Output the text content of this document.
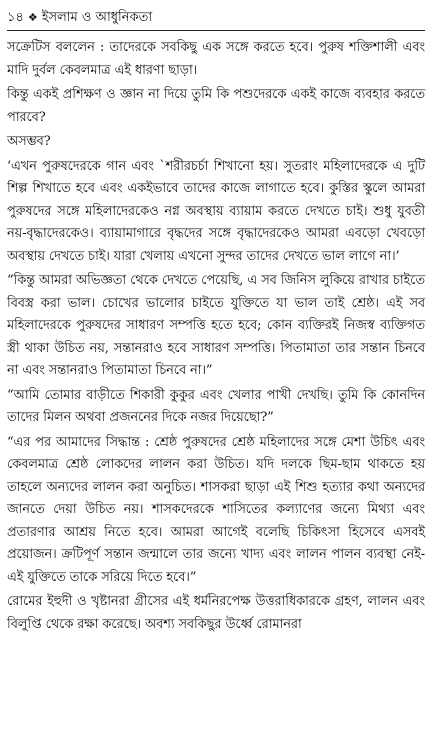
১৪ ❖ ইসলাম ও আধুনিকতা

সক্রেটিস বললেন : তাদেরকে সবকিছু এক সঙ্গে করতে হবে। পুরুষ শক্তিশালী এবং মাদি দুর্বল কেবলমাত্র এই ধারণা ছাড়া।

কিন্তু একই প্রশিক্ষণ ও জ্ঞান না দিয়ে তুমি কি পশুদেরকে একই কাজে ব্যবহার করতে পারবে?

অসম্ভব?

‘এখন পুরুষদেরকে গান এবং `শরীরচর্চা শিখানো হয়। সুতরাং মহিলাদেরকে এ দুটি শিল্প শিখাতে হবে এবং একইভাবে তাদের কাজে লাগাতে হবে। কুস্তির স্কুলে আমরা পুরুষদের সঙ্গে মহিলাদেরকেও নগ্ন অবস্থায় ব্যায়াম করতে দেখতে চাই। শুধু যুবতী নয়-বৃদ্ধাদেরকেও। ব্যায়ামাগারে বৃদ্ধদের সঙ্গে বৃদ্ধাদেরকেও আমরা এবড়ো খেবড়ো অবস্থায় দেখতে চাই। যারা খেলায় এখনো সুন্দর তাদের দেখতে ভাল লাগে না।’

“কিন্তু আমরা অভিজ্ঞতা থেকে দেখতে পেয়েছি, এ সব জিনিস লুকিয়ে রাখার চাইতে বিবস্ত্র করা ভাল। চোখের ভালোর চাইতে যুক্তিতে যা ভাল তাই শ্রেষ্ঠ। এই সব মহিলাদেরকে পুরুষদের সাধারণ সম্পত্তি হতে হবে; কোন ব্যক্তিরই নিজস্ব ব্যক্তিগত স্ত্রী থাকা উচিত নয়, সন্তানরাও হবে সাধারণ সম্পত্তি। পিতামাতা তার সন্তান চিনবে না এবং সন্তানরাও পিতামাতা চিনবে না।”

“আমি তোমার বাড়ীতে শিকারী কুকুর এবং খেলার পাখী দেখছি। তুমি কি কোনদিন তাদের মিলন অথবা প্রজননের দিকে নজর দিয়েছো?”

“এর পর আমাদের সিদ্ধান্ত : শ্রেষ্ঠ পুরুষদের শ্রেষ্ঠ মহিলাদের সঙ্গে মেশা উচিৎ এবং কেবলমাত্র শ্রেষ্ঠ লোকদের লালন করা উচিত। যদি দলকে ছিম-ছাম থাকতে হয় তাহলে অন্যদের লালন করা অনুচিত। শাসকরা ছাড়া এই শিশু হত্যার কথা অন্যদের জানতে দেয়া উচিত নয়। শাসকদেরকে শাসিতের কল্যাণের জন্যে মিথ্যা এবং প্রতারণার আশ্রয় নিতে হবে। আমরা আগেই বলেছি চিকিৎসা হিসেবে এসবই প্রয়োজন। ক্রটিপূর্ণ সন্তান জন্মালে তার জন্যে খাদ্য এবং লালন পালন ব্যবস্থা নেই- এই যুক্তিতে তাকে সরিয়ে দিতে হবে।”

রোমের ইহুদী ও খৃষ্টানরা গ্রীসের এই ধর্মনিরপেক্ষ উত্তরাধিকারকে গ্রহণ, লালন এবং বিলুপ্তি থেকে রক্ষা করেছে। অবশ্য সবকিছুর উর্ধ্বে রোমানরা
